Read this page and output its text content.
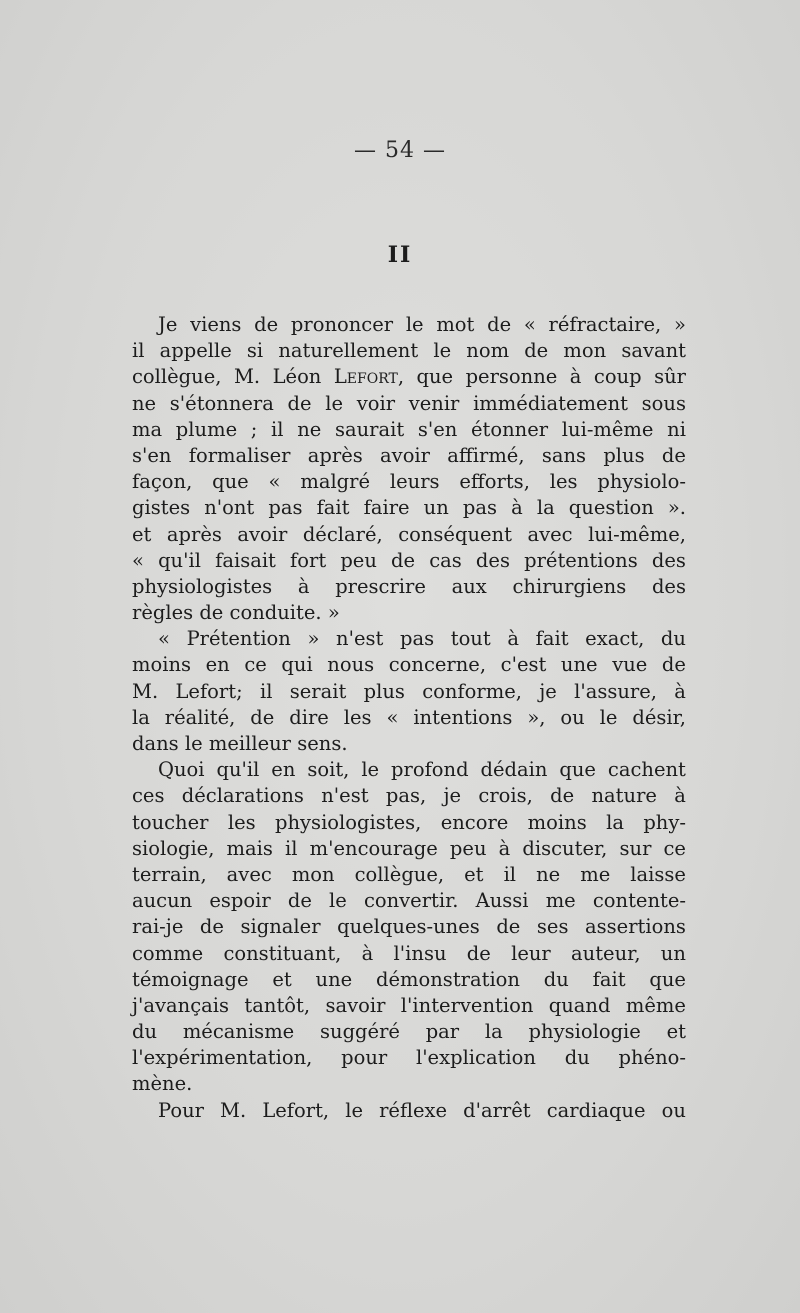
— 54 —
II
Je viens de prononcer le mot de « réfractaire, »
il appelle si naturellement le nom de mon savant
collègue, M. Léon Lefort, que personne à coup sûr
ne s'étonnera de le voir venir immédiatement sous
ma plume ; il ne saurait s'en étonner lui-même ni
s'en formaliser après avoir affirmé, sans plus de
façon, que « malgré leurs efforts, les physiolo-
gistes n'ont pas fait faire un pas à la question ».
et après avoir déclaré, conséquent avec lui-même,
« qu'il faisait fort peu de cas des prétentions des
physiologistes à prescrire aux chirurgiens des
règles de conduite. »
« Prétention » n'est pas tout à fait exact, du
moins en ce qui nous concerne, c'est une vue de
M. Lefort; il serait plus conforme, je l'assure, à
la réalité, de dire les « intentions », ou le désir,
dans le meilleur sens.
Quoi qu'il en soit, le profond dédain que cachent
ces déclarations n'est pas, je crois, de nature à
toucher les physiologistes, encore moins la phy-
siologie, mais il m'encourage peu à discuter, sur ce
terrain, avec mon collègue, et il ne me laisse
aucun espoir de le convertir. Aussi me contente-
rai-je de signaler quelques-unes de ses assertions
comme constituant, à l'insu de leur auteur, un
témoignage et une démonstration du fait que
j'avançais tantôt, savoir l'intervention quand même
du mécanisme suggéré par la physiologie et
l'expérimentation, pour l'explication du phéno-
mène.
Pour M. Lefort, le réflexe d'arrêt cardiaque ou
